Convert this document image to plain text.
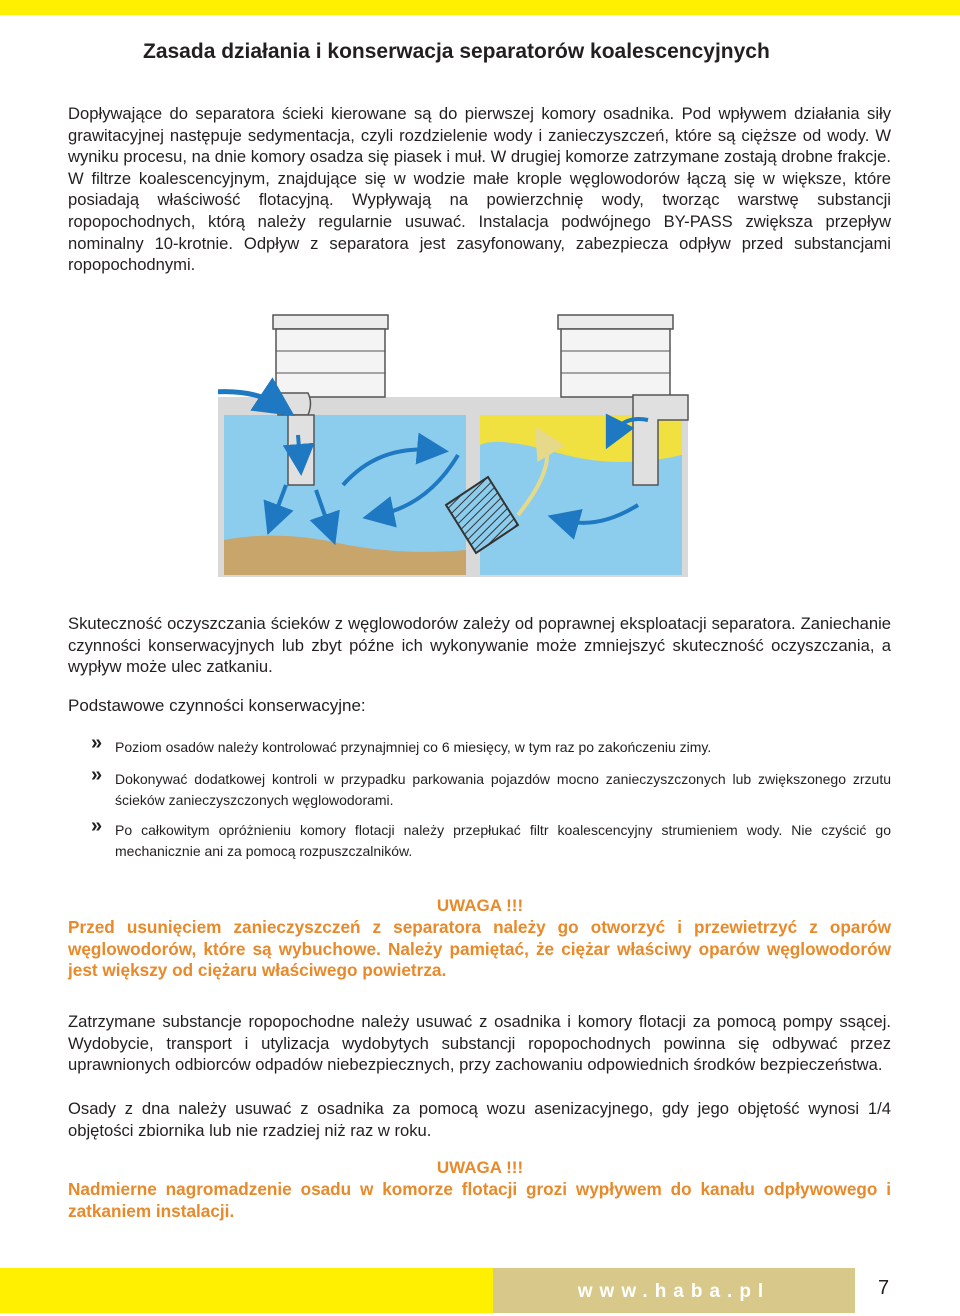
Zasada działania i konserwacja separatorów koalescencyjnych

Dopływające do separatora ścieki kierowane są do pierwszej komory osadnika. Pod wpływem działania siły grawitacyjnej następuje sedymentacja, czyli rozdzielenie wody i zanieczyszczeń, które są cięższe od wody. W wyniku procesu, na dnie komory osadza się piasek i muł. W drugiej komorze zatrzymane zostają drobne frakcje. W filtrze koalescencyjnym, znajdujące się w wodzie małe krople węglowodorów łączą się w większe, które posiadają właściwość flotacyjną. Wypływają na powierzchnię wody, tworząc warstwę substancji ropopochodnych, którą należy regularnie usuwać. Instalacja podwójnego BY-PASS zwiększa przepływ nominalny 10-krotnie. Odpływ z separatora jest zasyfonowany, zabezpiecza odpływ przed substancjami ropopochodnymi.

Skuteczność oczyszczania ścieków z węglowodorów zależy od poprawnej eksploatacji separatora. Zaniechanie czynności konserwacyjnych lub zbyt późne ich wykonywanie może zmniejszyć skuteczność oczyszczania, a wypływ może ulec zatkaniu.

Podstawowe czynności konserwacyjne:

» Poziom osadów należy kontrolować przynajmniej co 6 miesięcy, w tym raz po zakończeniu zimy.

» Dokonywać dodatkowej kontroli w przypadku parkowania pojazdów mocno zanieczyszczonych lub zwiększonego zrzutu ścieków zanieczyszczonych węglowodorami.

» Po całkowitym opróżnieniu komory flotacji należy przepłukać filtr koalescencyjny strumieniem wody. Nie czyścić go mechanicznie ani za pomocą rozpuszczalników.

UWAGA !!!

Przed usunięciem zanieczyszczeń z separatora należy go otworzyć i przewietrzyć z oparów węglowodorów, które są wybuchowe. Należy pamiętać, że ciężar właściwy oparów węglowodorów jest większy od ciężaru właściwego powietrza.

Zatrzymane substancje ropopochodne należy usuwać z osadnika i komory flotacji za pomocą pompy ssącej. Wydobycie, transport i utylizacja wydobytych substancji ropopochodnych powinna się odbywać przez uprawnionych odbiorców odpadów niebezpiecznych, przy zachowaniu odpowiednich środków bezpieczeństwa.

Osady z dna należy usuwać z osadnika za pomocą wozu asenizacyjnego, gdy jego objętość wynosi 1/4 objętości zbiornika lub nie rzadziej niż raz w roku.

UWAGA !!!

Nadmierne nagromadzenie osadu w komorze flotacji grozi wypływem do kanału odpływowego i zatkaniem instalacji.

www.haba.pl	7
